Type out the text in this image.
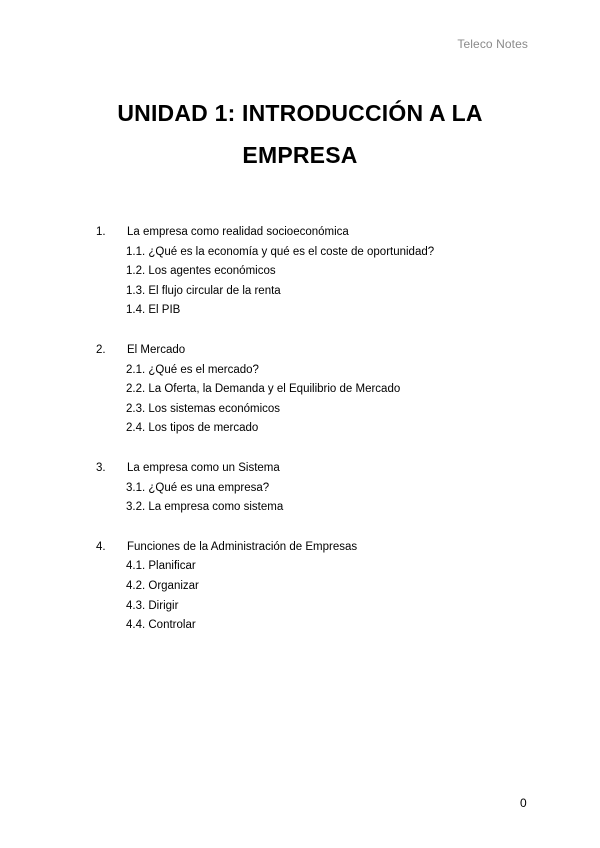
Teleco Notes
UNIDAD 1: INTRODUCCIÓN A LA
EMPRESA
1. La empresa como realidad socioeconómica
1.1. ¿Qué es la economía y qué es el coste de oportunidad?
1.2. Los agentes económicos
1.3. El flujo circular de la renta
1.4. El PIB
2. El Mercado
2.1. ¿Qué es el mercado?
2.2. La Oferta, la Demanda y el Equilibrio de Mercado
2.3. Los sistemas económicos
2.4. Los tipos de mercado
3. La empresa como un Sistema
3.1. ¿Qué es una empresa?
3.2. La empresa como sistema
4. Funciones de la Administración de Empresas
4.1. Planificar
4.2. Organizar
4.3. Dirigir
4.4. Controlar
0
